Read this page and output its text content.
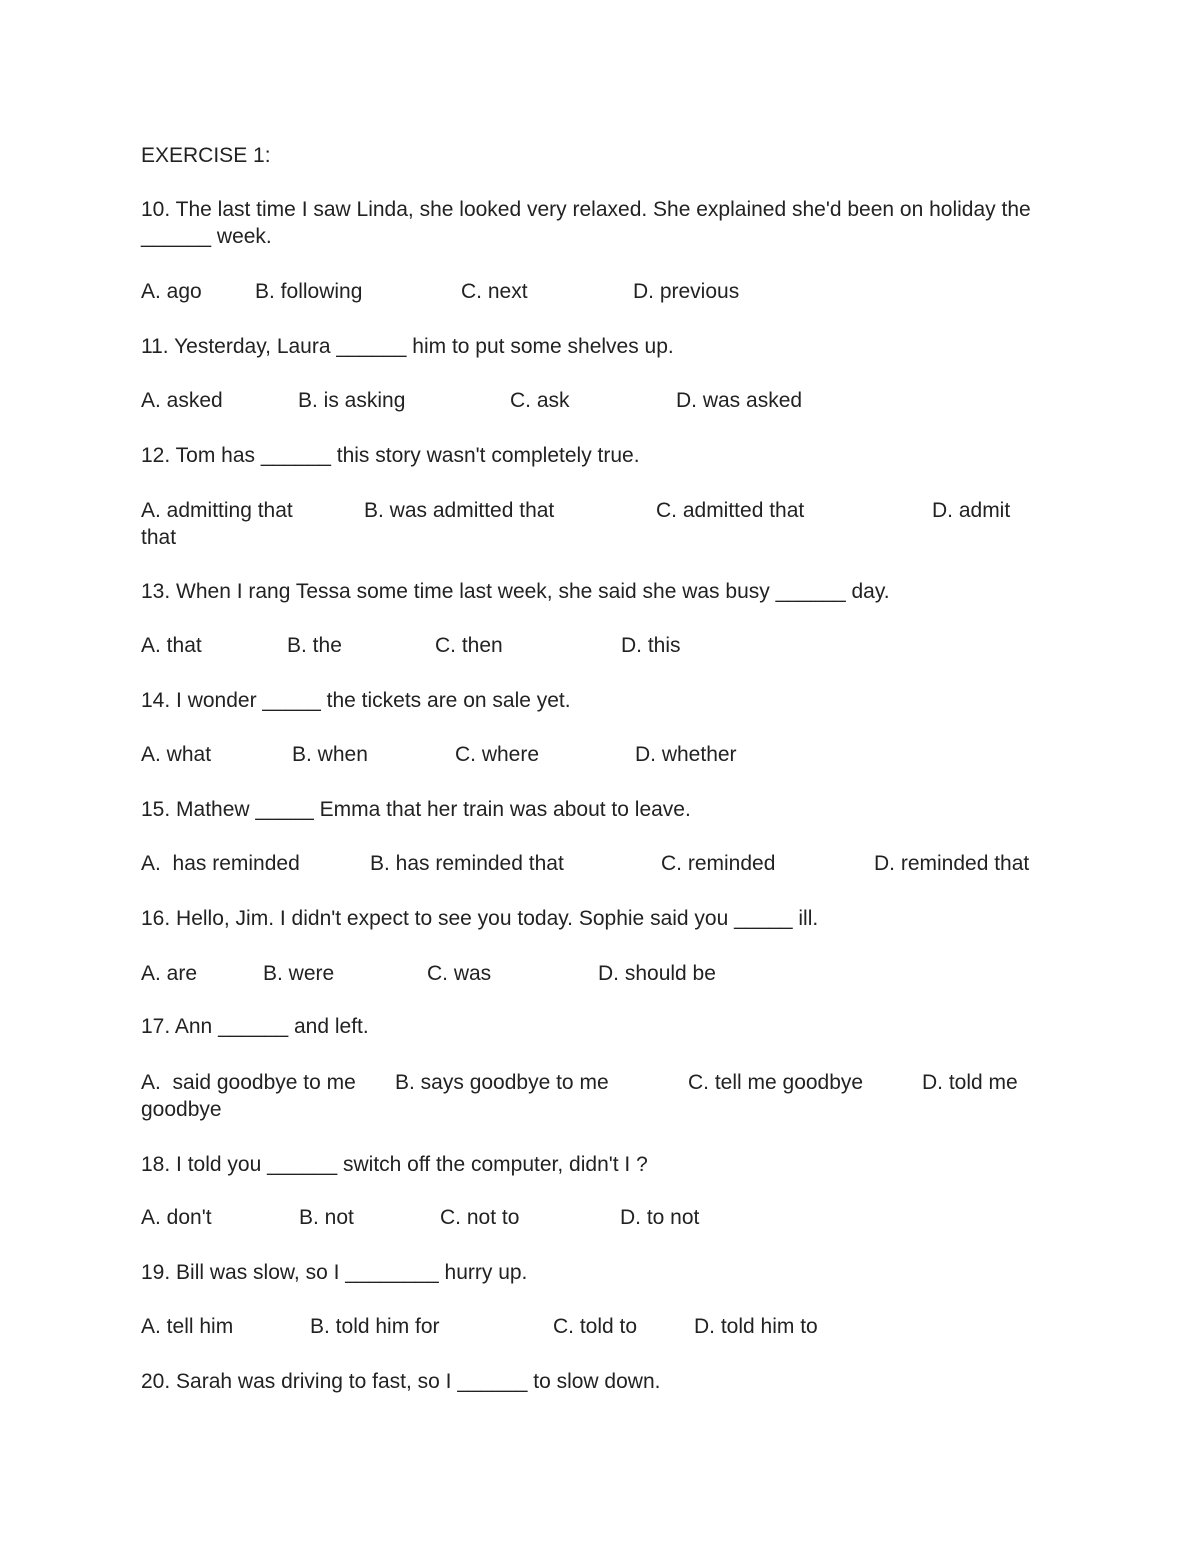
EXERCISE 1:
10. The last time I saw Linda, she looked very relaxed. She explained she'd been on holiday the ______ week.
A. ago	B. following	C. next	D. previous
11. Yesterday, Laura ______ him to put some shelves up.
A. asked	B. is asking	C. ask	D. was asked
12. Tom has ______ this story wasn't completely true.
A. admitting that	B. was admitted that	C. admitted that	D. admit
that
13. When I rang Tessa some time last week, she said she was busy ______ day.
A. that	B. the	C. then	D. this
14. I wonder _____ the tickets are on sale yet.
A. what	B. when	C. where	D. whether
15. Mathew _____ Emma that her train was about to leave.
A.  has reminded	B. has reminded that	C. reminded	D. reminded that
16. Hello, Jim. I didn't expect to see you today. Sophie said you _____ ill.
A. are	B. were	C. was	D. should be
17. Ann ______ and left.
A.  said goodbye to me B. says goodbye to me	C. tell me goodbye	D. told me
goodbye
18. I told you ______ switch off the computer, didn't I ?
A. don't	B. not	C. not to	D. to not
19. Bill was slow, so I ________ hurry up.
A. tell him	B. told him for	C. told to	D. told him to
20. Sarah was driving to fast, so I ______ to slow down.
